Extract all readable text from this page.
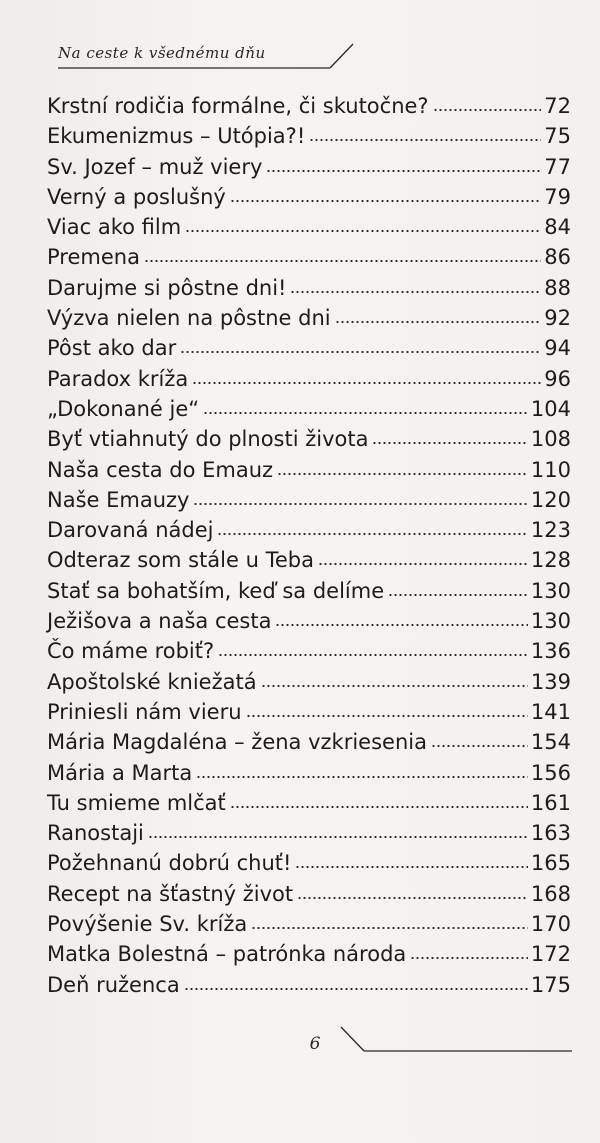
Na ceste k všednému dňu
Krstní rodičia formálne, či skutočne?	72
Ekumenizmus – Utópia?!	75
Sv. Jozef – muž viery	77
Verný a poslušný	79
Viac ako film	84
Premena	86
Darujme si pôstne dni!	88
Výzva nielen na pôstne dni	92
Pôst ako dar	94
Paradox kríža	96
„Dokonané je“	104
Byť vtiahnutý do plnosti života	108
Naša cesta do Emauz	110
Naše Emauzy	120
Darovaná nádej	123
Odteraz som stále u Teba	128
Stať sa bohatším, keď sa delíme	130
Ježišova a naša cesta	130
Čo máme robiť?	136
Apoštolské kniežatá	139
Priniesli nám vieru	141
Mária Magdaléna – žena vzkriesenia	154
Mária a Marta	156
Tu smieme mlčať	161
Ranostaji	163
Požehnanú dobrú chuť!	165
Recept na šťastný život	168
Povýšenie Sv. kríža	170
Matka Bolestná – patrónka národa	172
Deň ruženca	175
6
